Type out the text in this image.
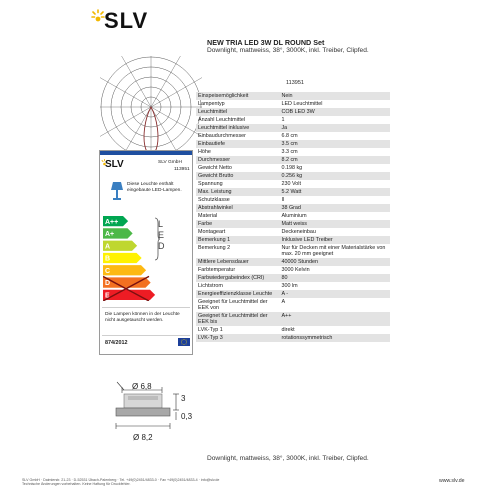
SLV
NEW TRIA LED 3W DL ROUND Set
Downlight, mattweiss, 38°, 3000K, inkl. Treiber, Clipfed.
113951
Einspeisemöglichkeit	Nein
Lampentyp	LED Leuchtmittel
Leuchtmittel	COB LED 3W
Anzahl Leuchtmittel	1
Leuchtmittel inklusive	Ja
Einbaudurchmesser	6.8 cm
Einbautiefe	3.5 cm
Höhe	3.3 cm
Durchmesser	8.2 cm
Gewicht Netto	0.198 kg
Gewicht Brutto	0.256 kg
Spannung	230 Volt
Max. Leistung	5.2 Watt
Schutzklasse	II
Abstrahlwinkel	38 Grad
Material	Aluminium
Farbe	Matt weiss
Montageart	Deckeneinbau
Bemerkung 1	Inklusive LED Treiber
Bemerkung 2	Nur für Decken mit einer Materialstärke von max. 20 mm geeignet
Mittlere Lebensdauer	40000 Stunden
Farbtemperatur	3000 Kelvin
Farbwiedergabeindex (CRI)	80
Lichtstrom	300 lm
Energieeffizienzklasse Leuchte	A -
Geeignet für Leuchtmittel der EEK von	A
Geeignet für Leuchtmittel der EEK bis	A++
LVK-Typ 1	direkt
LVK-Typ 3	rotationssymmetrisch
SLV	SLV GmbH
113951
Diese Leuchte enthält eingebaute LED-Lampen.
A++
A+
A
B
C
D
E
L
E
D
Die Lampen können in der Leuchte nicht ausgetauscht werden.
874/2012
Ø 6,8
3
0,3
Ø 8,2
Downlight, mattweiss, 38°, 3000K, inkl. Treiber, Clipfed.
SLV GmbH · Daimlerstr. 21-23 · D-52531 Übach-Palenberg · Tel. +49(0)2451/4833-0 · Fax +49(0)2451/4833-4 · info@slv.de
Technische Änderungen vorbehalten. Keine Haftung für Druckfehler.
www.slv.de
